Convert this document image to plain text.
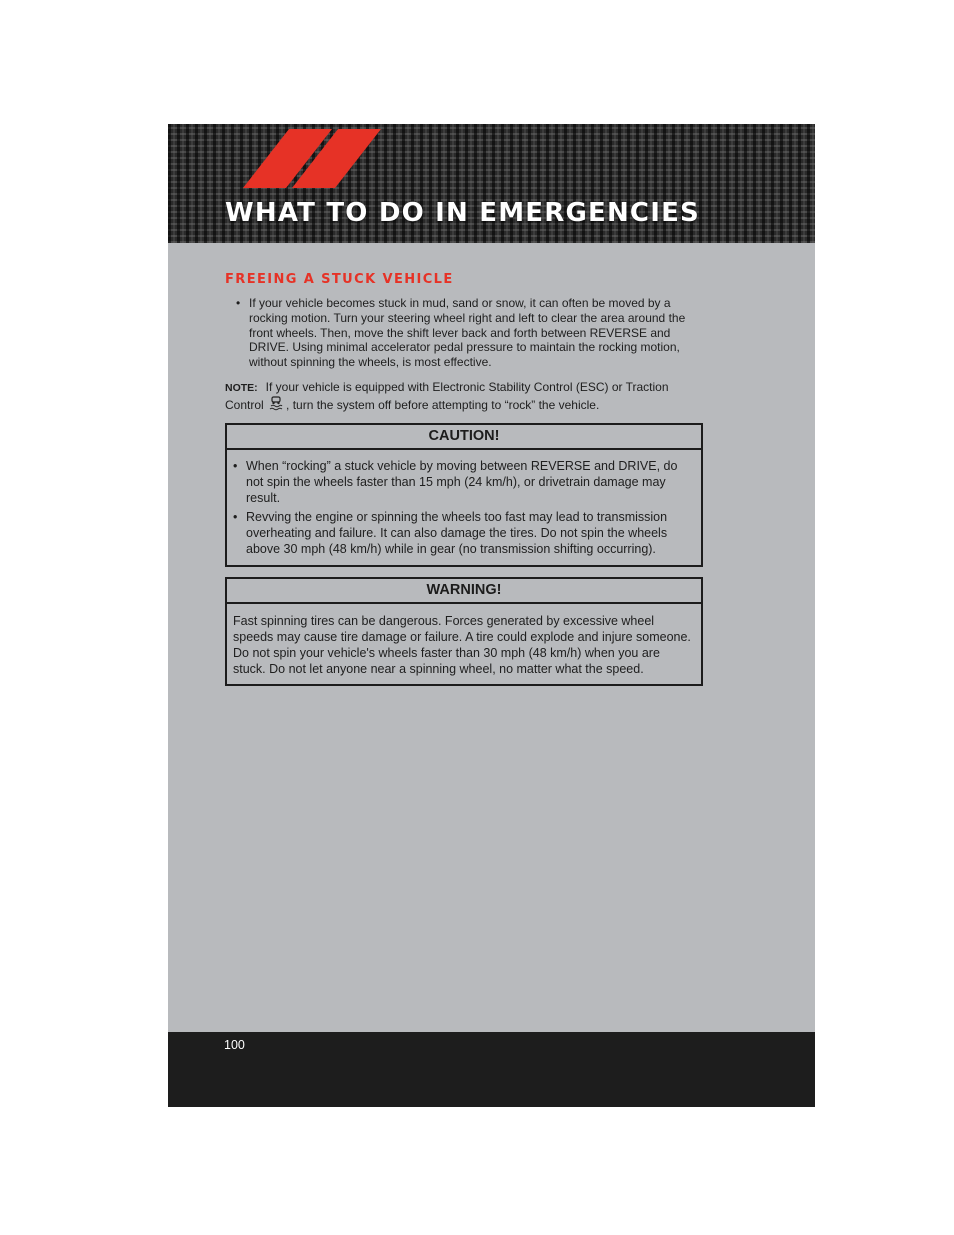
WHAT TO DO IN EMERGENCIES
FREEING A STUCK VEHICLE
• If your vehicle becomes stuck in mud, sand or snow, it can often be moved by a rocking motion. Turn your steering wheel right and left to clear the area around the front wheels. Then, move the shift lever back and forth between REVERSE and DRIVE. Using minimal accelerator pedal pressure to maintain the rocking motion, without spinning the wheels, is most effective.

NOTE: If your vehicle is equipped with Electronic Stability Control (ESC) or Traction Control , turn the system off before attempting to “rock” the vehicle.

CAUTION!
• When “rocking” a stuck vehicle by moving between REVERSE and DRIVE, do not spin the wheels faster than 15 mph (24 km/h), or drivetrain damage may result.
• Revving the engine or spinning the wheels too fast may lead to transmission overheating and failure. It can also damage the tires. Do not spin the wheels above 30 mph (48 km/h) while in gear (no transmission shifting occurring).
WARNING!
Fast spinning tires can be dangerous. Forces generated by excessive wheel speeds may cause tire damage or failure. A tire could explode and injure someone. Do not spin your vehicle's wheels faster than 30 mph (48 km/h) when you are stuck. Do not let anyone near a spinning wheel, no matter what the speed.
100
